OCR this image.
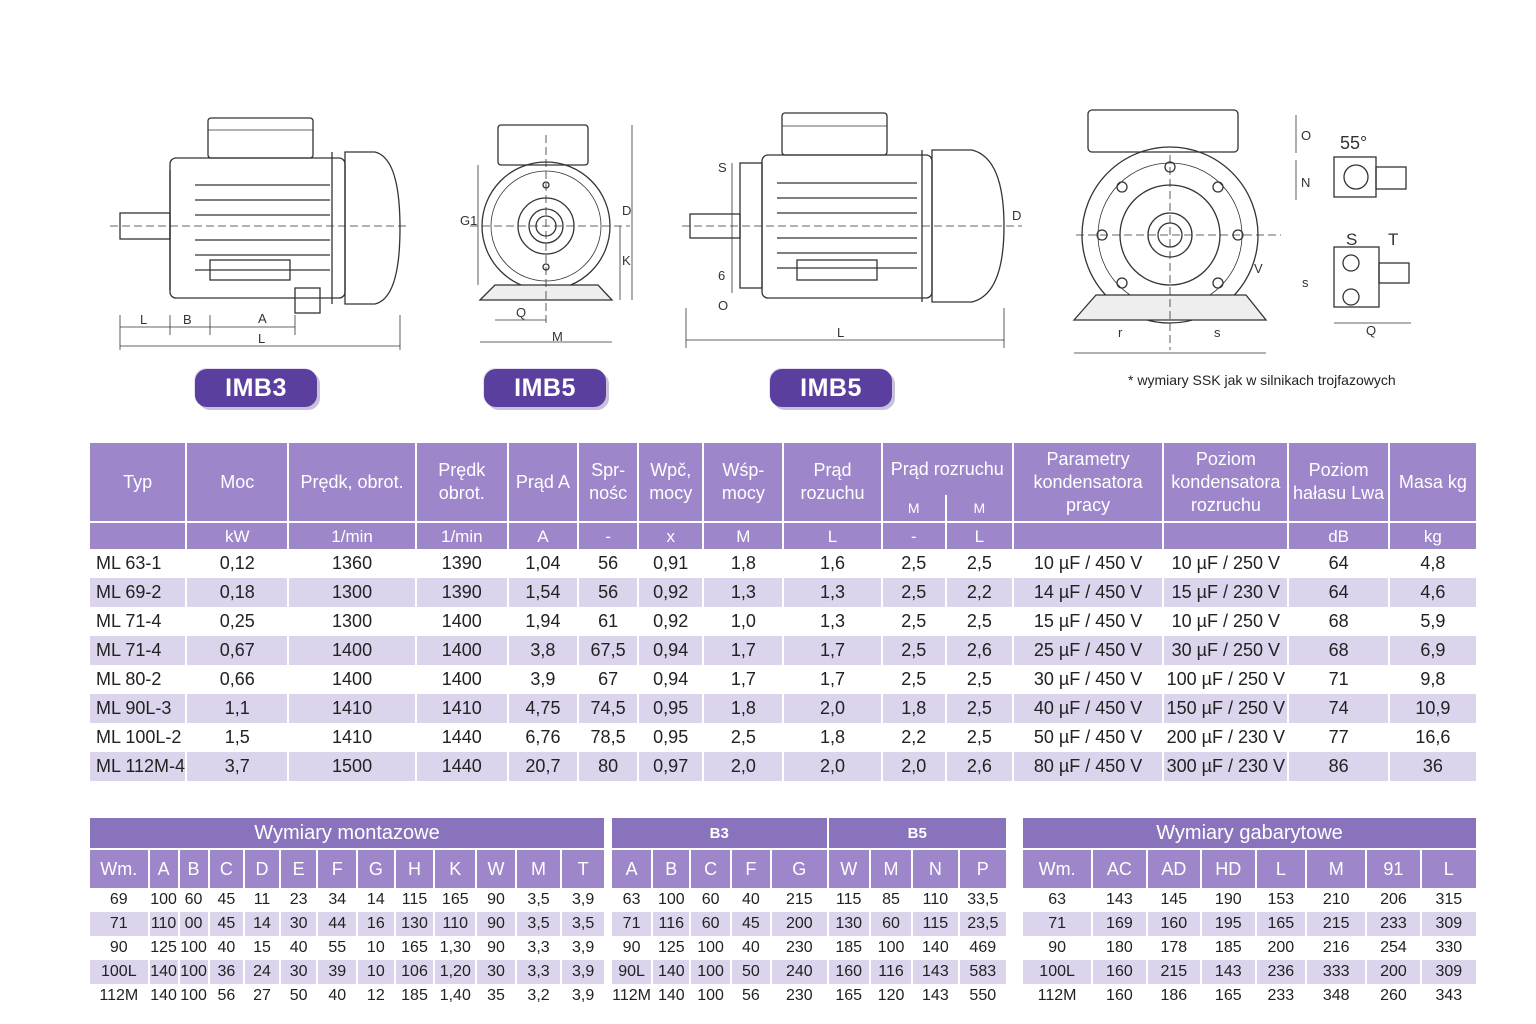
L	B	A
L
Q
M
G1
D
K
S
L
D
6
O
O
N
r	s
V
55°
S T
s
Q
IMB3	IMB5	IMB5	* wymiary SSK jak w silnikach trojfazowych
Typ	Moc	Prędk, obrot.	Prędk obrot.	Prąd A	Spr-nośc	Wpč, mocy	Wśp-mocy	Prąd rozuchu	Prąd rozruchu		Parametry kondensatora pracy	Poziom kondensatora rozruchu	Poziom hałasu Lwa	Masa kg
									M	M				
	kW	1/min	1/min	A	-	x	M	L	-	L			dB	kg
ML 63-1	0,12	1360	1390	1,04	56	0,91	1,8	1,6	2,5	2,5	10 µF / 450 V	10 µF / 250 V	64	4,8
ML 69-2	0,18	1300	1390	1,54	56	0,92	1,3	1,3	2,5	2,2	14 µF / 450 V	15 µF / 230 V	64	4,6
ML 71-4	0,25	1300	1400	1,94	61	0,92	1,0	1,3	2,5	2,5	15 µF / 450 V	10 µF / 250 V	68	5,9
ML 71-4	0,67	1400	1400	3,8	67,5	0,94	1,7	1,7	2,5	2,6	25 µF / 450 V	30 µF / 250 V	68	6,9
ML 80-2	0,66	1400	1400	3,9	67	0,94	1,7	1,7	2,5	2,5	30 µF / 450 V	100 µF / 250 V	71	9,8
ML 90L-3	1,1	1410	1410	4,75	74,5	0,95	1,8	2,0	1,8	2,5	40 µF / 450 V	150 µF / 250 V	74	10,9
ML 100L-2	1,5	1410	1440	6,76	78,5	0,95	2,5	1,8	2,2	2,5	50 µF / 450 V	200 µF / 230 V	77	16,6
ML 112M-4	3,7	1500	1440	20,7	80	0,97	2,0	2,0	2,0	2,6	80 µF / 450 V	300 µF / 230 V	86	36
Wymiary montazowe												
Wm.	A	B	C	D	E	F	G	H	K	W	M	T
69	100	60	45	11	23	34	14	115	165	90	3,5	3,9
71	110	00	45	14	30	44	16	130	110	90	3,5	3,5
90	125	100	40	15	40	55	10	165	1,30	90	3,3	3,9
100L	140	100	36	24	30	39	10	106	1,20	30	3,3	3,9
112M	140	100	56	27	50	40	12	185	1,40	35	3,2	3,9
B3					B5			
A	B	C	F	G	W	M	N	P
63	100	60	40	215	115	85	110	33,5
71	116	60	45	200	130	60	115	23,5
90	125	100	40	230	185	100	140	469
90L	140	100	50	240	160	116	143	583
112M	140	100	56	230	165	120	143	550
Wymiary gabarytowe							
Wm.	AC	AD	HD	L	M	91	L
63	143	145	190	153	210	206	315
71	169	160	195	165	215	233	309
90	180	178	185	200	216	254	330
100L	160	215	143	236	333	200	309
112M	160	186	165	233	348	260	343
